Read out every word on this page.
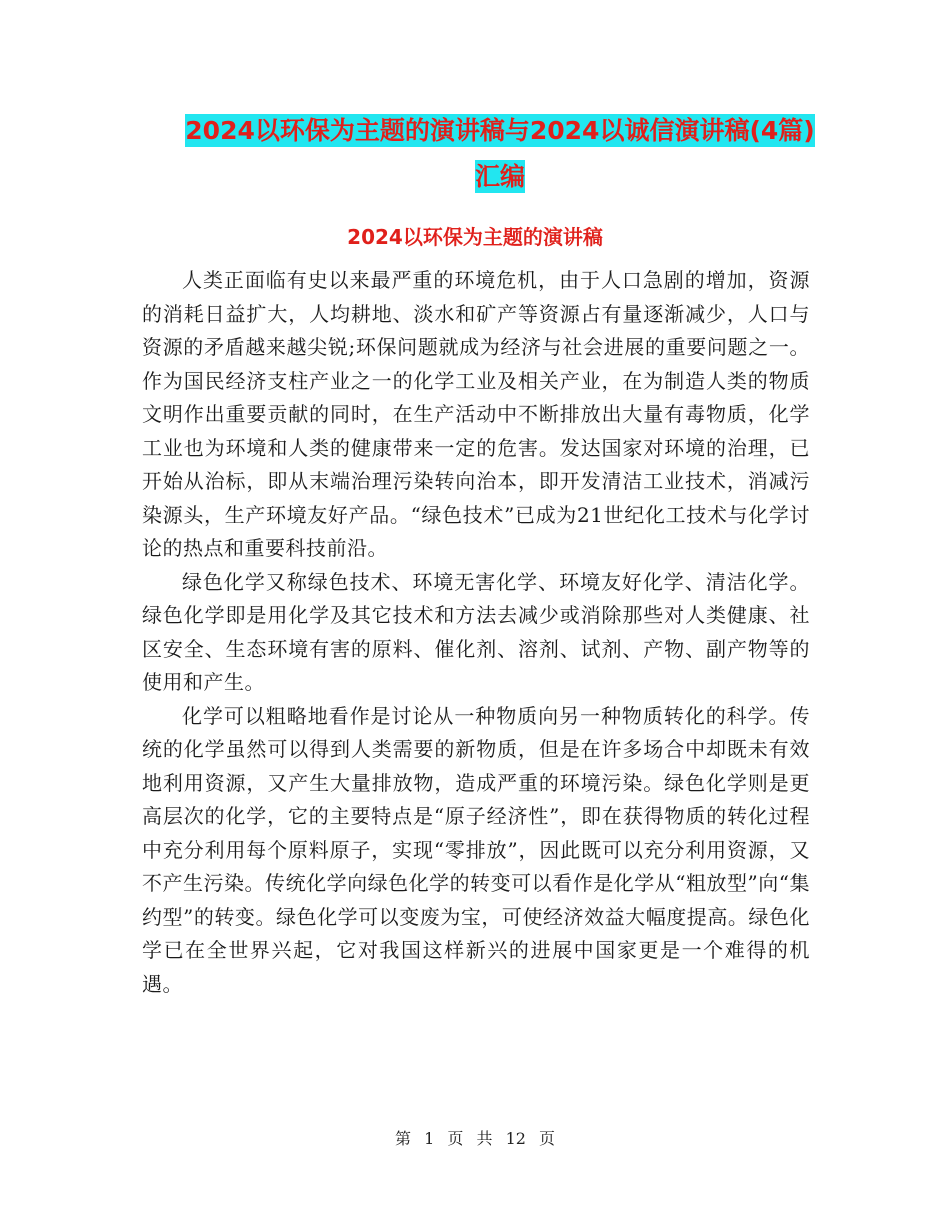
2024以环保为主题的演讲稿与2024以诚信演讲稿(4篇)汇编
2024以环保为主题的演讲稿

人类正面临有史以来最严重的环境危机，由于人口急剧的增加，资源的消耗日益扩大，人均耕地、淡水和矿产等资源占有量逐渐减少，人口与资源的矛盾越来越尖锐;环保问题就成为经济与社会进展的重要问题之一。作为国民经济支柱产业之一的化学工业及相关产业，在为制造人类的物质文明作出重要贡献的同时，在生产活动中不断排放出大量有毒物质，化学工业也为环境和人类的健康带来一定的危害。发达国家对环境的治理，已开始从治标，即从末端治理污染转向治本，即开发清洁工业技术，消减污染源头，生产环境友好产品。“绿色技术”已成为21世纪化工技术与化学讨论的热点和重要科技前沿。

绿色化学又称绿色技术、环境无害化学、环境友好化学、清洁化学。绿色化学即是用化学及其它技术和方法去减少或消除那些对人类健康、社区安全、生态环境有害的原料、催化剂、溶剂、试剂、产物、副产物等的使用和产生。

化学可以粗略地看作是讨论从一种物质向另一种物质转化的科学。传统的化学虽然可以得到人类需要的新物质，但是在许多场合中却既未有效地利用资源，又产生大量排放物，造成严重的环境污染。绿色化学则是更高层次的化学，它的主要特点是“原子经济性”，即在获得物质的转化过程中充分利用每个原料原子，实现“零排放”，因此既可以充分利用资源，又不产生污染。传统化学向绿色化学的转变可以看作是化学从“粗放型”向“集约型”的转变。绿色化学可以变废为宝，可使经济效益大幅度提高。绿色化学已在全世界兴起，它对我国这样新兴的进展中国家更是一个难得的机遇。

第 1 页 共 12 页
